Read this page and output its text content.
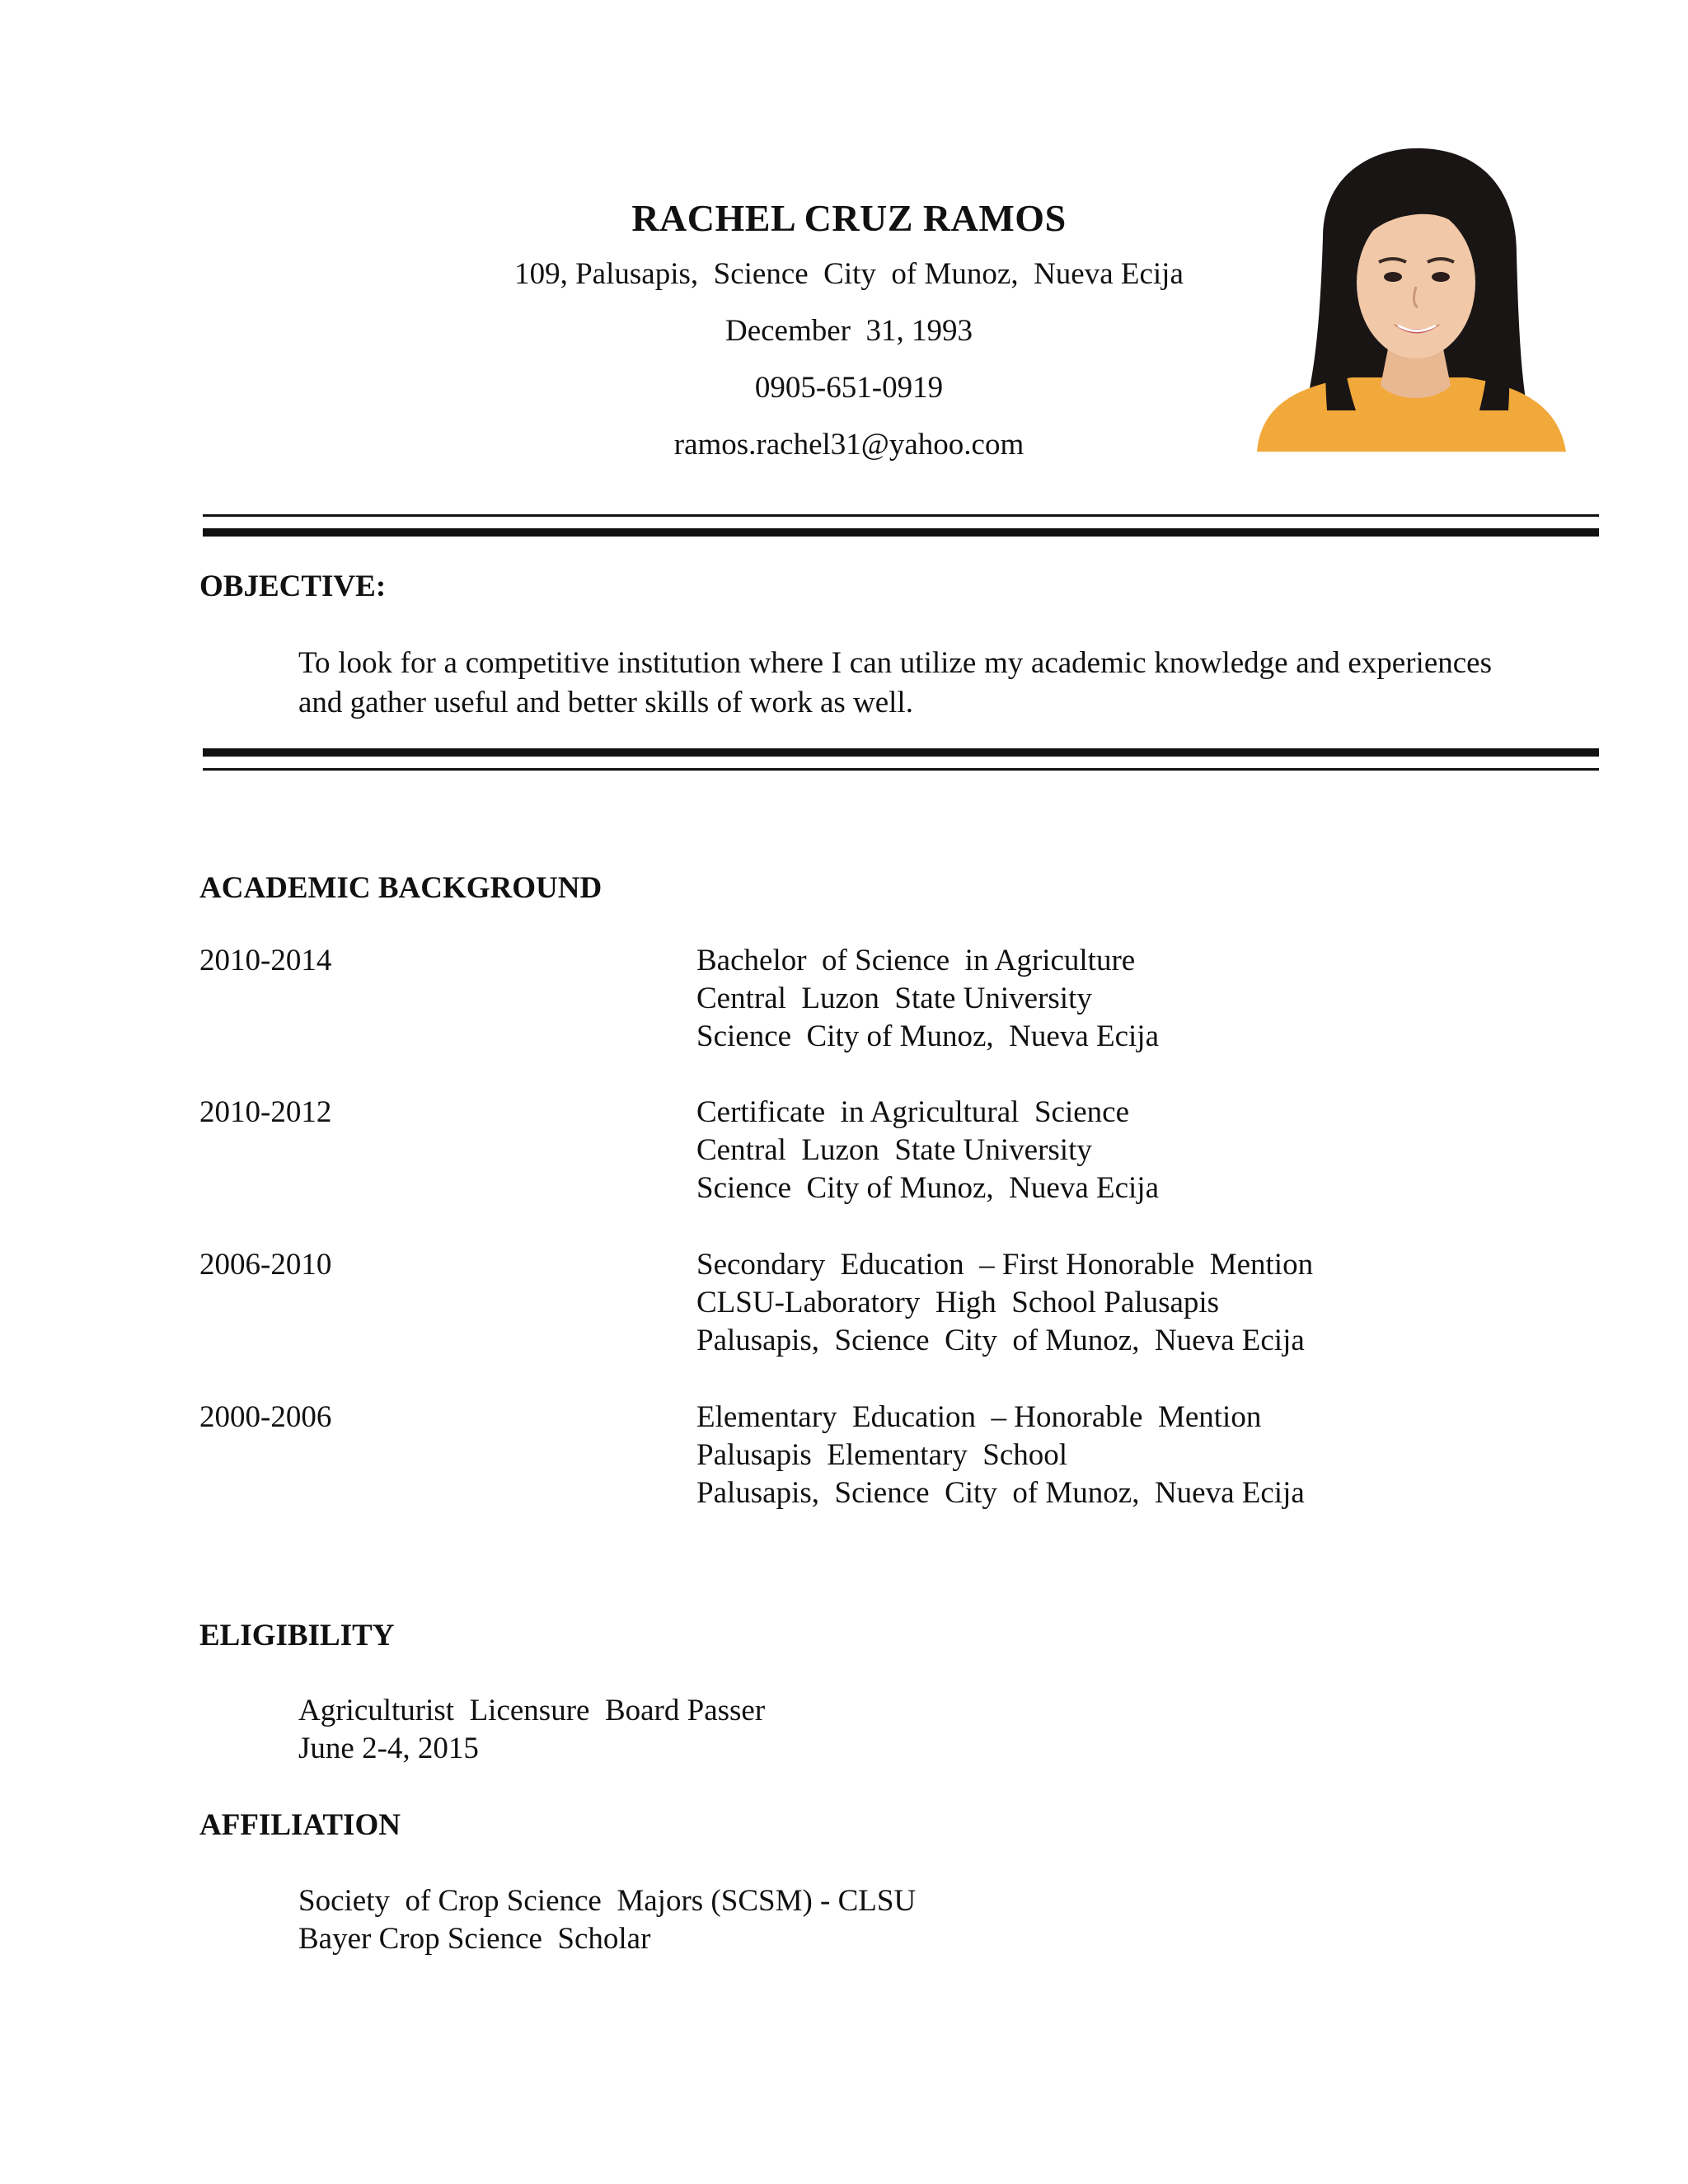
RACHEL CRUZ RAMOS

109, Palusapis,  Science  City  of Munoz,  Nueva Ecija

December  31, 1993

0905-651-0919

ramos.rachel31@yahoo.com

OBJECTIVE:

To look for a competitive institution where I can utilize my academic knowledge and experiences and gather useful and better skills of work as well.

ACADEMIC BACKGROUND

2010-2014	Bachelor  of Science  in Agriculture
Central  Luzon  State University
Science  City of Munoz,  Nueva Ecija
2010-2012	Certificate  in Agricultural  Science
Central  Luzon  State University
Science  City of Munoz,  Nueva Ecija
2006-2010	Secondary  Education  – First Honorable  Mention
CLSU-Laboratory  High  School Palusapis
Palusapis,  Science  City  of Munoz,  Nueva Ecija
2000-2006	Elementary  Education  – Honorable  Mention
Palusapis  Elementary  School
Palusapis,  Science  City  of Munoz,  Nueva Ecija

ELIGIBILITY

Agriculturist  Licensure  Board Passer
June 2-4, 2015

AFFILIATION

Society  of Crop Science  Majors (SCSM) - CLSU
Bayer Crop Science  Scholar
